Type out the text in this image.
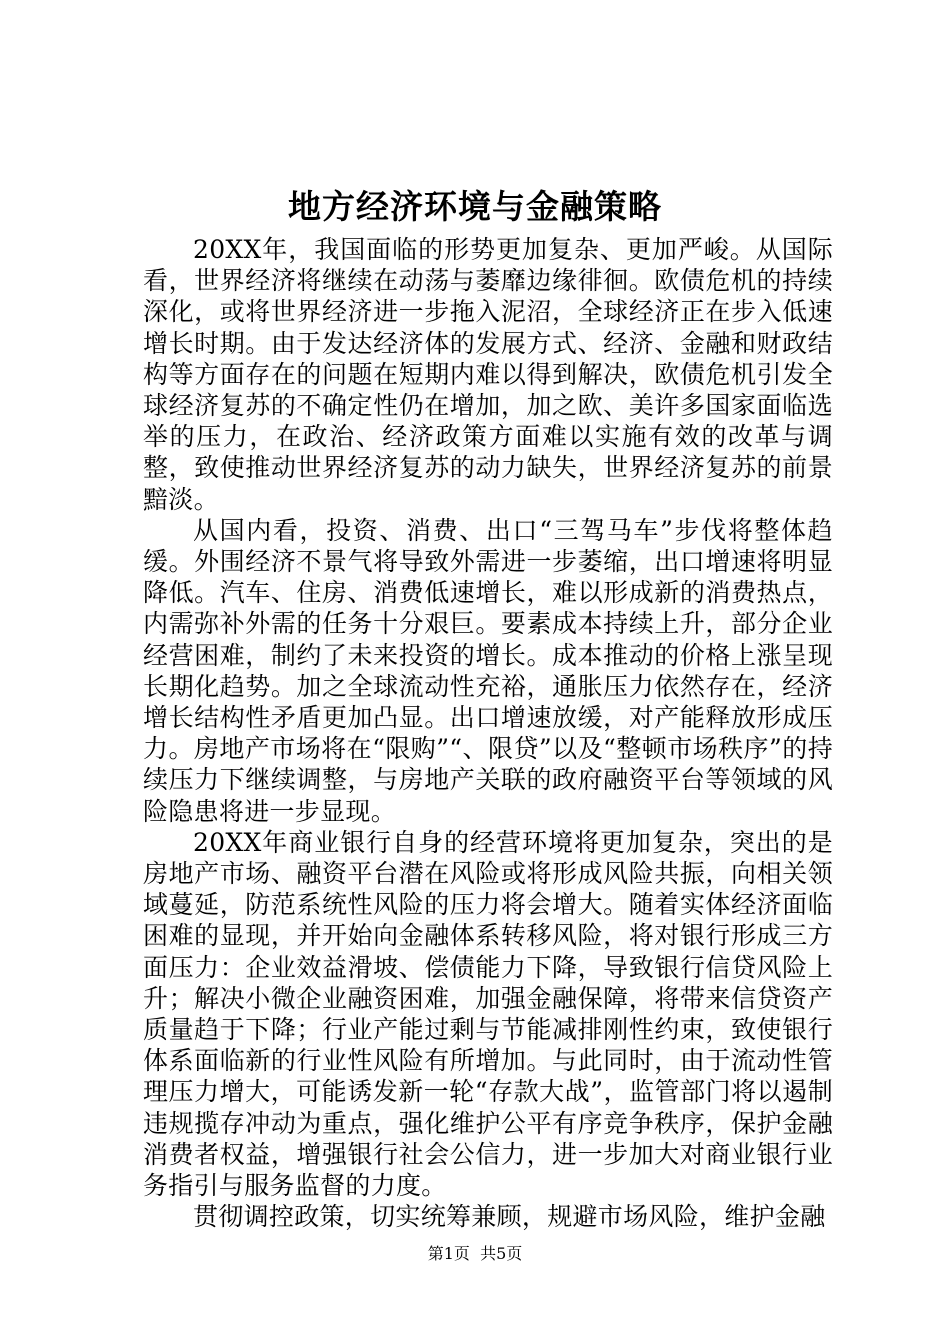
地方经济环境与金融策略

20XX年，我国面临的形势更加复杂、更加严峻。从国际看，世界经济将继续在动荡与萎靡边缘徘徊。欧债危机的持续深化，或将世界经济进一步拖入泥沼，全球经济正在步入低速增长时期。由于发达经济体的发展方式、经济、金融和财政结构等方面存在的问题在短期内难以得到解决，欧债危机引发全球经济复苏的不确定性仍在增加，加之欧、美许多国家面临选举的压力，在政治、经济政策方面难以实施有效的改革与调整，致使推动世界经济复苏的动力缺失，世界经济复苏的前景黯淡。

从国内看，投资、消费、出口“三驾马车”步伐将整体趋缓。外围经济不景气将导致外需进一步萎缩，出口增速将明显降低。汽车、住房、消费低速增长，难以形成新的消费热点，内需弥补外需的任务十分艰巨。要素成本持续上升，部分企业经营困难，制约了未来投资的增长。成本推动的价格上涨呈现长期化趋势。加之全球流动性充裕，通胀压力依然存在，经济增长结构性矛盾更加凸显。出口增速放缓，对产能释放形成压力。房地产市场将在“限购”“、限贷”以及“整顿市场秩序”的持续压力下继续调整，与房地产关联的政府融资平台等领域的风险隐患将进一步显现。

20XX年商业银行自身的经营环境将更加复杂，突出的是房地产市场、融资平台潜在风险或将形成风险共振，向相关领域蔓延，防范系统性风险的压力将会增大。随着实体经济面临困难的显现，并开始向金融体系转移风险，将对银行形成三方面压力：企业效益滑坡、偿债能力下降，导致银行信贷风险上升；解决小微企业融资困难，加强金融保障，将带来信贷资产质量趋于下降；行业产能过剩与节能减排刚性约束，致使银行体系面临新的行业性风险有所增加。与此同时，由于流动性管理压力增大，可能诱发新一轮“存款大战”，监管部门将以遏制违规揽存冲动为重点，强化维护公平有序竞争秩序，保护金融消费者权益，增强银行社会公信力，进一步加大对商业银行业务指引与服务监督的力度。

贯彻调控政策，切实统筹兼顾，规避市场风险，维护金融

第1页  共5页
